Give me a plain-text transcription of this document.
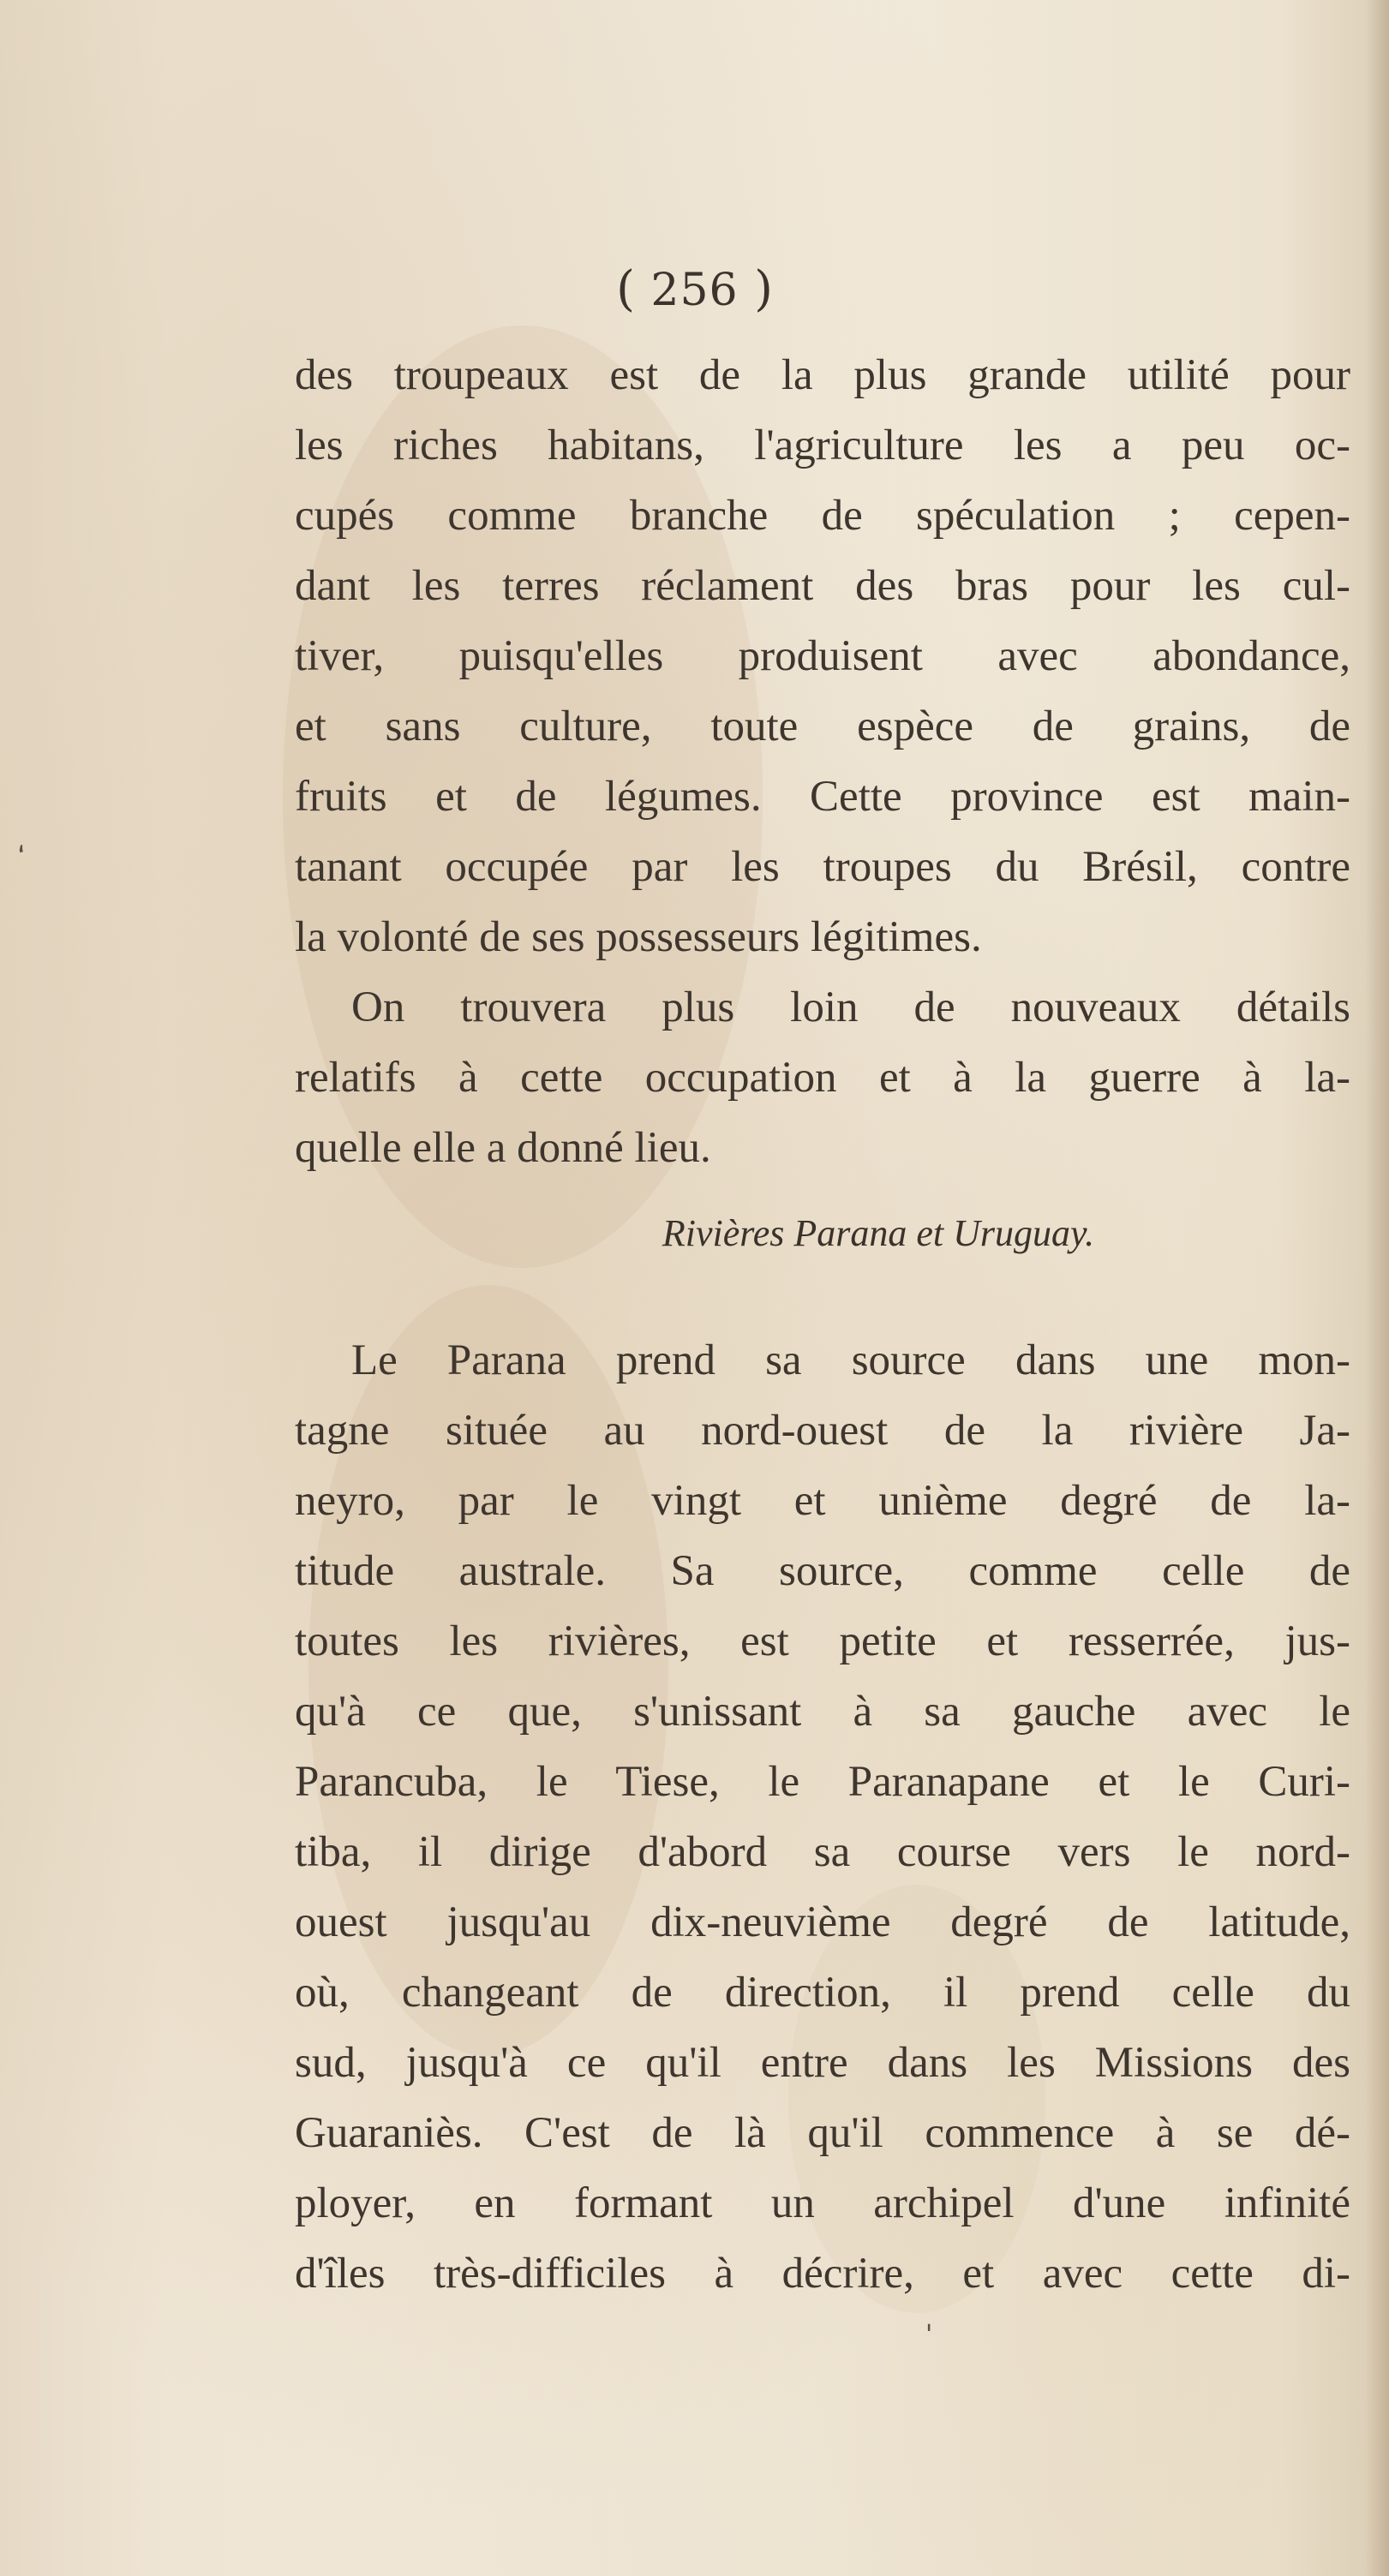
( 256 )
des troupeaux est de la plus grande utilité pour
les riches habitans, l'agriculture les a peu oc-
cupés comme branche de spéculation ; cepen-
dant les terres réclament des bras pour les cul-
tiver, puisqu'elles produisent avec abondance,
et sans culture, toute espèce de grains, de
fruits et de légumes. Cette province est main-
tanant occupée par les troupes du Brésil, contre
la volonté de ses possesseurs légitimes.
On trouvera plus loin de nouveaux détails
relatifs à cette occupation et à la guerre à la-
quelle elle a donné lieu.
Rivières Parana et Uruguay.
Le Parana prend sa source dans une mon-
tagne située au nord-ouest de la rivière Ja-
neyro, par le vingt et unième degré de la-
titude australe. Sa source, comme celle de
toutes les rivières, est petite et resserrée, jus-
qu'à ce que, s'unissant à sa gauche avec le
Parancuba, le Tiese, le Paranapane et le Curi-
tiba, il dirige d'abord sa course vers le nord-
ouest jusqu'au dix-neuvième degré de latitude,
où, changeant de direction, il prend celle du
sud, jusqu'à ce qu'il entre dans les Missions des
Guaraniès. C'est de là qu'il commence à se dé-
ployer, en formant un archipel d'une infinité
d'îles très-difficiles à décrire, et avec cette di-
‘
'
